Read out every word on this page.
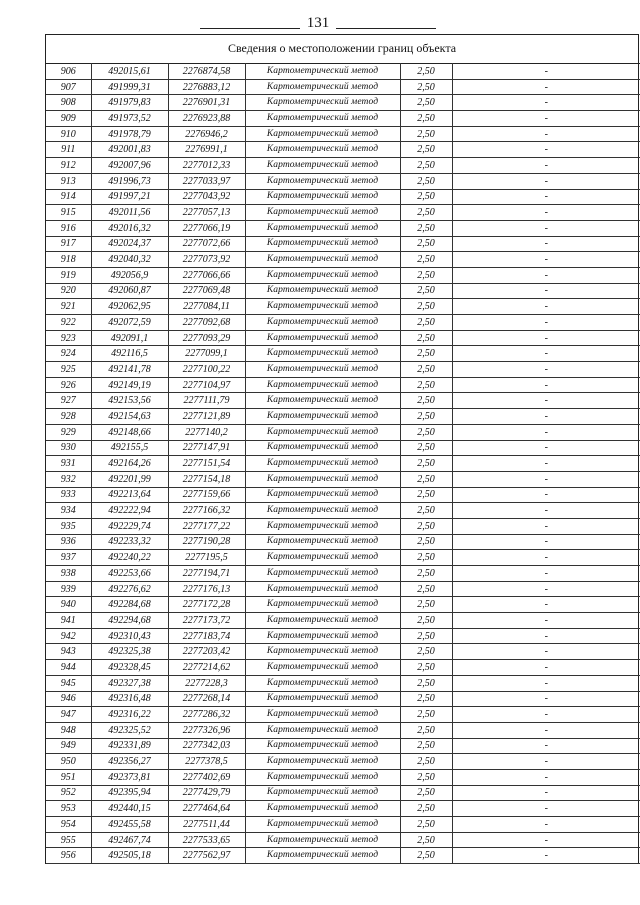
131
Сведения о местоположении границ объекта
906	492015,61	2276874,58	Картометрический метод	2,50	-
907	491999,31	2276883,12	Картометрический метод	2,50	-
908	491979,83	2276901,31	Картометрический метод	2,50	-
909	491973,52	2276923,88	Картометрический метод	2,50	-
910	491978,79	2276946,2	Картометрический метод	2,50	-
911	492001,83	2276991,1	Картометрический метод	2,50	-
912	492007,96	2277012,33	Картометрический метод	2,50	-
913	491996,73	2277033,97	Картометрический метод	2,50	-
914	491997,21	2277043,92	Картометрический метод	2,50	-
915	492011,56	2277057,13	Картометрический метод	2,50	-
916	492016,32	2277066,19	Картометрический метод	2,50	-
917	492024,37	2277072,66	Картометрический метод	2,50	-
918	492040,32	2277073,92	Картометрический метод	2,50	-
919	492056,9	2277066,66	Картометрический метод	2,50	-
920	492060,87	2277069,48	Картометрический метод	2,50	-
921	492062,95	2277084,11	Картометрический метод	2,50	-
922	492072,59	2277092,68	Картометрический метод	2,50	-
923	492091,1	2277093,29	Картометрический метод	2,50	-
924	492116,5	2277099,1	Картометрический метод	2,50	-
925	492141,78	2277100,22	Картометрический метод	2,50	-
926	492149,19	2277104,97	Картометрический метод	2,50	-
927	492153,56	2277111,79	Картометрический метод	2,50	-
928	492154,63	2277121,89	Картометрический метод	2,50	-
929	492148,66	2277140,2	Картометрический метод	2,50	-
930	492155,5	2277147,91	Картометрический метод	2,50	-
931	492164,26	2277151,54	Картометрический метод	2,50	-
932	492201,99	2277154,18	Картометрический метод	2,50	-
933	492213,64	2277159,66	Картометрический метод	2,50	-
934	492222,94	2277166,32	Картометрический метод	2,50	-
935	492229,74	2277177,22	Картометрический метод	2,50	-
936	492233,32	2277190,28	Картометрический метод	2,50	-
937	492240,22	2277195,5	Картометрический метод	2,50	-
938	492253,66	2277194,71	Картометрический метод	2,50	-
939	492276,62	2277176,13	Картометрический метод	2,50	-
940	492284,68	2277172,28	Картометрический метод	2,50	-
941	492294,68	2277173,72	Картометрический метод	2,50	-
942	492310,43	2277183,74	Картометрический метод	2,50	-
943	492325,38	2277203,42	Картометрический метод	2,50	-
944	492328,45	2277214,62	Картометрический метод	2,50	-
945	492327,38	2277228,3	Картометрический метод	2,50	-
946	492316,48	2277268,14	Картометрический метод	2,50	-
947	492316,22	2277286,32	Картометрический метод	2,50	-
948	492325,52	2277326,96	Картометрический метод	2,50	-
949	492331,89	2277342,03	Картометрический метод	2,50	-
950	492356,27	2277378,5	Картометрический метод	2,50	-
951	492373,81	2277402,69	Картометрический метод	2,50	-
952	492395,94	2277429,79	Картометрический метод	2,50	-
953	492440,15	2277464,64	Картометрический метод	2,50	-
954	492455,58	2277511,44	Картометрический метод	2,50	-
955	492467,74	2277533,65	Картометрический метод	2,50	-
956	492505,18	2277562,97	Картометрический метод	2,50	-
